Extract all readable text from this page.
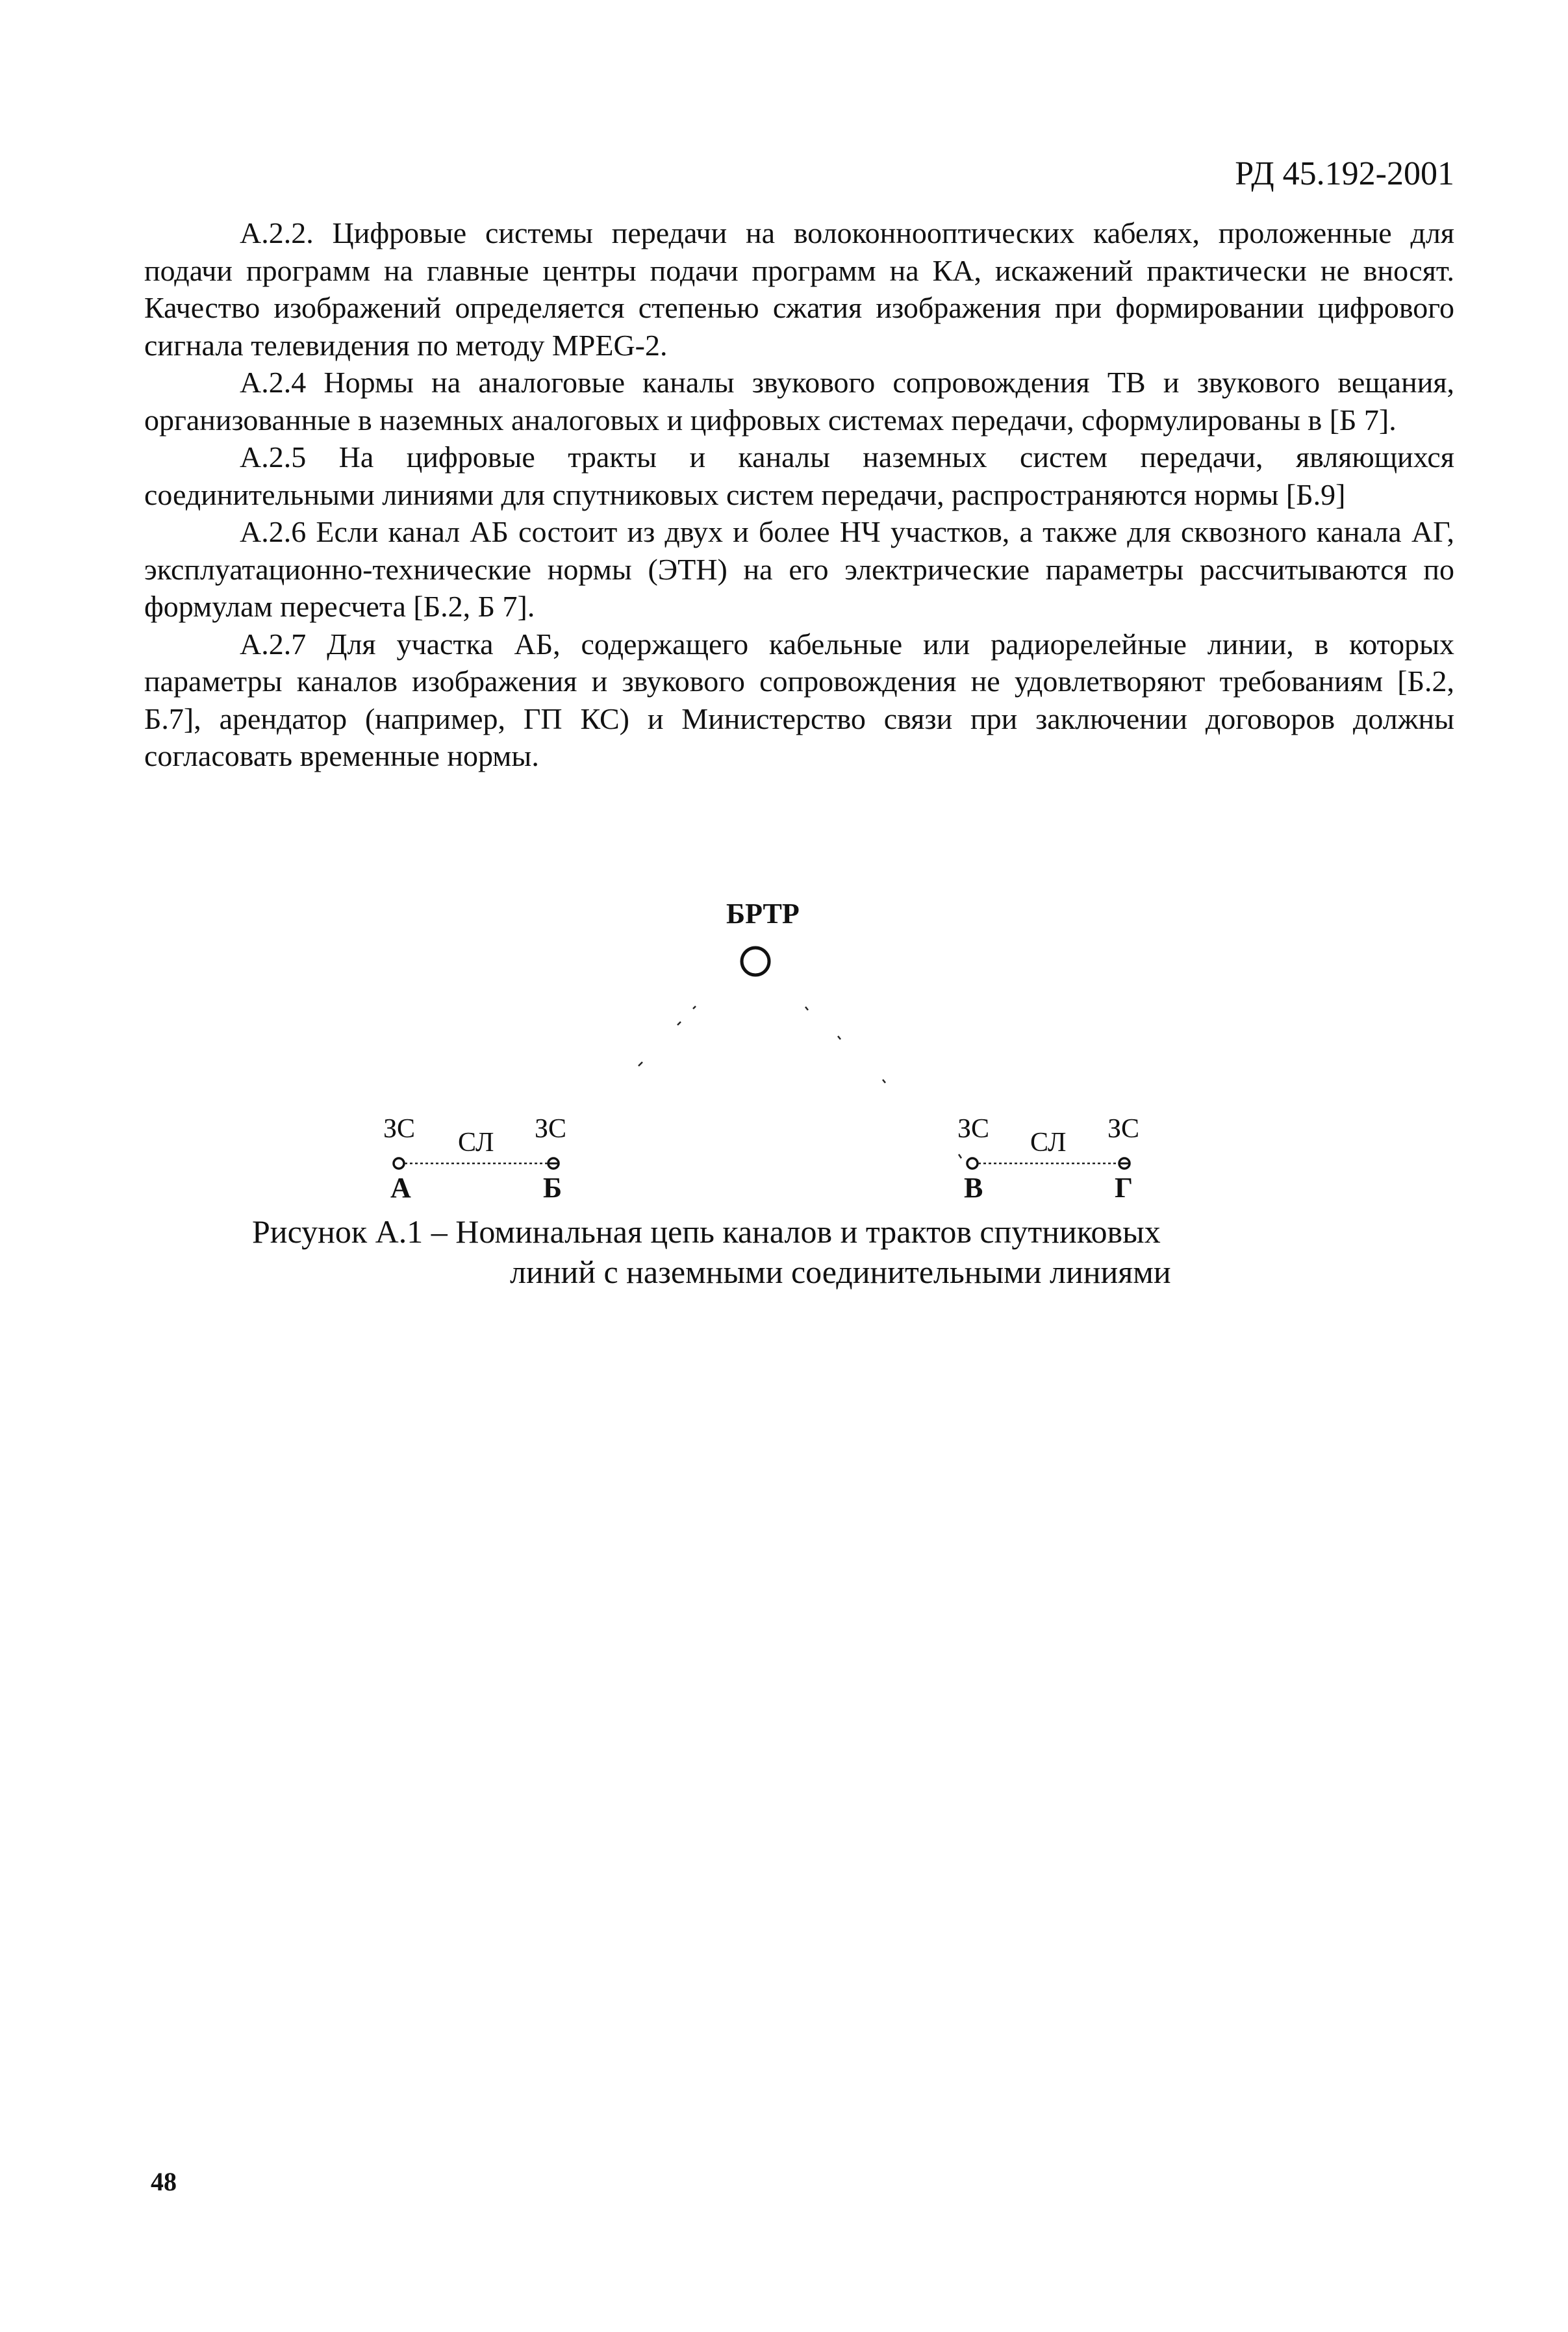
РД 45.192-2001

А.2.2. Цифровые системы передачи на волоконнооптических кабелях, проложенные для подачи программ на главные центры подачи программ на КА, искажений практически не вносят. Качество изображений определяется степенью сжатия изображения при формировании цифрового сигнала телевидения по методу MPEG-2.

А.2.4 Нормы на аналоговые каналы звукового сопровождения ТВ и звукового вещания, организованные в наземных аналоговых и цифровых системах передачи, сформулированы в [Б 7].

А.2.5 На цифровые тракты и каналы наземных систем передачи, являющихся соединительными линиями для спутниковых систем передачи, распространяются нормы [Б.9]

А.2.6 Если канал АБ состоит из двух и более НЧ участков, а также для сквозного канала АГ, эксплуатационно-технические нормы (ЭТН) на его электрические параметры рассчитываются по формулам пересчета [Б.2, Б 7].

А.2.7 Для участка АБ, содержащего кабельные или радиорелейные линии, в которых параметры каналов изображения и звукового сопровождения не удовлетворяют требованиям [Б.2, Б.7], арендатор (например, ГП КС) и Министерство связи при заключении договоров должны согласовать временные нормы.

БРТР
ЗС СЛ ЗС
А	Б
ЗС СЛ ЗС
В	Г
Рисунок А.1 – Номинальная цепь каналов и трактов спутниковых
линий с наземными соединительными линиями
48
